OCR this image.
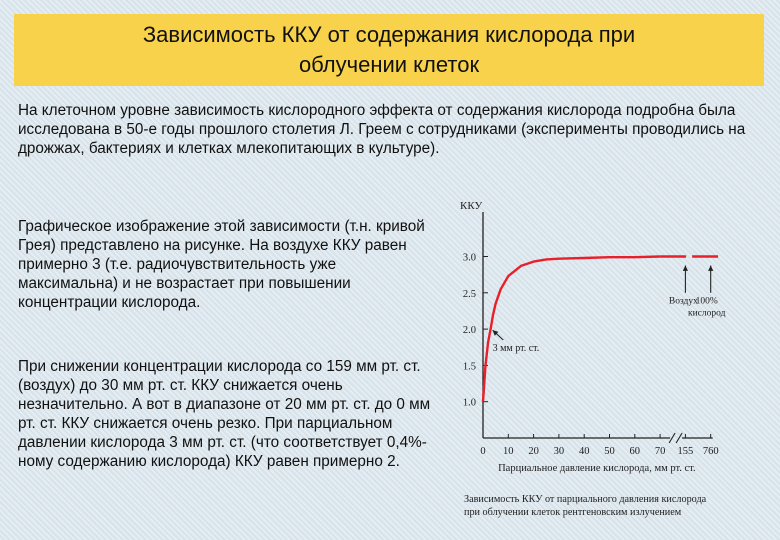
Зависимость ККУ от содержания кислорода при
облучении клеток
На клеточном уровне зависимость кислородного эффекта от содержания кислорода подробна была исследована в 50‑е годы прошлого столетия Л. Греем с сотрудниками (эксперименты проводились на дрожжах, бактериях и клетках млекопитающих в культуре).
Графическое изображение этой зависимости (т.н. кривой Грея) представлено на рисунке. На воздухе ККУ равен примерно 3 (т.е. радиочувствительность уже максимальна) и не возрастает при повышении концентрации кислорода.
При снижении концентрации кислорода со 159 мм рт. ст. (воздух) до 30 мм рт. ст. ККУ снижается очень незначительно. А вот в диапазоне от 20 мм рт. ст. до 0 мм рт. ст. ККУ снижается очень резко. При парциальном давлении кислорода 3 мм рт. ст. (что соответствует 0,4%-ному содержанию кислорода) ККУ равен примерно 2.
ККУ
3.0
2.5
2.0
1.5
1.0
0 10 20 30 40 50 60 70 155 760
Парциальное давление кислорода, мм рт. ст.
3 мм рт. ст.
Воздух
100% кислород
Зависимость ККУ от парциального давления кислорода при облучении клеток рентгеновским излучением
